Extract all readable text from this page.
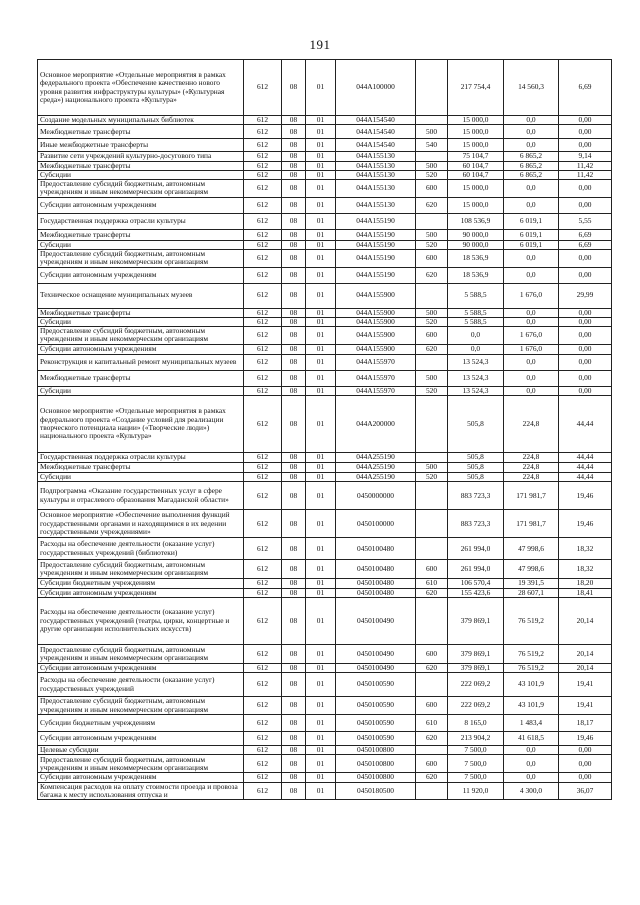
191
Основное мероприятие «Отдельные мероприятия в рамках федерального проекта «Обеспечение качественно нового уровня развития инфраструктуры культуры» («Культурная среда») национального проекта «Культура»	612	08	01	044A100000		217 754,4	14 560,3	6,69
Создание модельных муниципальных библиотек	612	08	01	044A154540		15 000,0	0,0	0,00
Межбюджетные трансферты	612	08	01	044A154540	500	15 000,0	0,0	0,00
Иные межбюджетные трансферты	612	08	01	044A154540	540	15 000,0	0,0	0,00
Развитие сети учреждений культурно-досугового типа	612	08	01	044A155130		75 104,7	6 865,2	9,14
Межбюджетные трансферты	612	08	01	044A155130	500	60 104,7	6 865,2	11,42
Субсидии	612	08	01	044A155130	520	60 104,7	6 865,2	11,42
Предоставление субсидий бюджетным, автономным учреждениям и иным некоммерческим организациям	612	08	01	044A155130	600	15 000,0	0,0	0,00
Субсидии автономным учреждениям	612	08	01	044A155130	620	15 000,0	0,0	0,00
Государственная поддержка отрасли культуры	612	08	01	044A155190		108 536,9	6 019,1	5,55
Межбюджетные трансферты	612	08	01	044A155190	500	90 000,0	6 019,1	6,69
Субсидии	612	08	01	044A155190	520	90 000,0	6 019,1	6,69
Предоставление субсидий бюджетным, автономным учреждениям и иным некоммерческим организациям	612	08	01	044A155190	600	18 536,9	0,0	0,00
Субсидии автономным учреждениям	612	08	01	044A155190	620	18 536,9	0,0	0,00
Техническое оснащение муниципальных музеев	612	08	01	044A155900		5 588,5	1 676,0	29,99
Межбюджетные трансферты	612	08	01	044A155900	500	5 588,5	0,0	0,00
Субсидии	612	08	01	044A155900	520	5 588,5	0,0	0,00
Предоставление субсидий бюджетным, автономным учреждениям и иным некоммерческим организациям	612	08	01	044A155900	600	0,0	1 676,0	0,00
Субсидии автономным учреждениям	612	08	01	044A155900	620	0,0	1 676,0	0,00
Реконструкция и капитальный ремонт муниципальных музеев	612	08	01	044A155970		13 524,3	0,0	0,00
Межбюджетные трансферты	612	08	01	044A155970	500	13 524,3	0,0	0,00
Субсидии	612	08	01	044A155970	520	13 524,3	0,0	0,00
Основное мероприятие «Отдельные мероприятия в рамках федерального проекта «Создание условий для реализации творческого потенциала нации» («Творческие люди») национального проекта «Культура»	612	08	01	044A200000		505,8	224,8	44,44
Государственная поддержка отрасли культуры	612	08	01	044A255190		505,8	224,8	44,44
Межбюджетные трансферты	612	08	01	044A255190	500	505,8	224,8	44,44
Субсидии	612	08	01	044A255190	520	505,8	224,8	44,44
Подпрограмма «Оказание государственных услуг в сфере культуры и отраслевого образования Магаданской области»	612	08	01	0450000000		883 723,3	171 981,7	19,46
Основное мероприятие «Обеспечение выполнения функций государственными органами и находящимися в их ведении государственными учреждениями»	612	08	01	0450100000		883 723,3	171 981,7	19,46
Расходы на обеспечение деятельности (оказание услуг) государственных учреждений (библиотеки)	612	08	01	0450100480		261 994,0	47 998,6	18,32
Предоставление субсидий бюджетным, автономным учреждениям и иным некоммерческим организациям	612	08	01	0450100480	600	261 994,0	47 998,6	18,32
Субсидии бюджетным учреждениям	612	08	01	0450100480	610	106 570,4	19 391,5	18,20
Субсидии автономным учреждениям	612	08	01	0450100480	620	155 423,6	28 607,1	18,41
Расходы на обеспечение деятельности (оказание услуг) государственных учреждений (театры, цирки, концертные и другие организации исполнительских искусств)	612	08	01	0450100490		379 869,1	76 519,2	20,14
Предоставление субсидий бюджетным, автономным учреждениям и иным некоммерческим организациям	612	08	01	0450100490	600	379 869,1	76 519,2	20,14
Субсидии автономным учреждениям	612	08	01	0450100490	620	379 869,1	76 519,2	20,14
Расходы на обеспечение деятельности (оказание услуг) государственных учреждений	612	08	01	0450100590		222 069,2	43 101,9	19,41
Предоставление субсидий бюджетным, автономным учреждениям и иным некоммерческим организациям	612	08	01	0450100590	600	222 069,2	43 101,9	19,41
Субсидии бюджетным учреждениям	612	08	01	0450100590	610	8 165,0	1 483,4	18,17
Субсидии автономным учреждениям	612	08	01	0450100590	620	213 904,2	41 618,5	19,46
Целевые субсидии	612	08	01	0450100800		7 500,0	0,0	0,00
Предоставление субсидий бюджетным, автономным учреждениям и иным некоммерческим организациям	612	08	01	0450100800	600	7 500,0	0,0	0,00
Субсидии автономным учреждениям	612	08	01	0450100800	620	7 500,0	0,0	0,00
Компенсация расходов на оплату стоимости проезда и провоза багажа к месту использования отпуска и	612	08	01	0450180500		11 920,0	4 300,0	36,07
